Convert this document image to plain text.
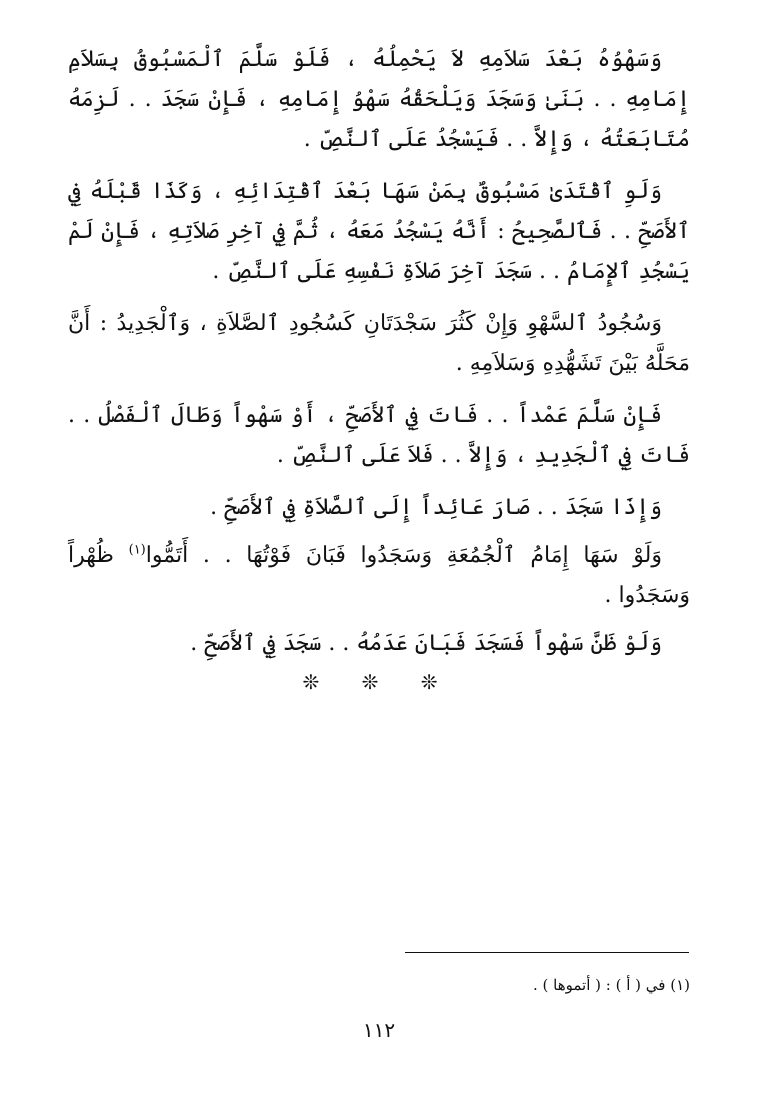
وَسَهْوُهُ بَعْدَ سَلاَمِهِ لاَ يَحْمِلُهُ ، فَلَوْ سَلَّمَ ٱلْمَسْبُوقُ بِسَلاَمِ إِمَامِهِ . . بَنَىٰ وَسَجَدَ وَيَلْحَقُهُ سَهْوُ إِمَامِهِ ، فَإِنْ سَجَدَ . . لَزِمَهُ مُتَابَعَتُهُ ، وَإِلاَّ . . فَيَسْجُدُ عَلَى ٱلنَّصِّ .

وَلَوِ ٱقْتَدَىٰ مَسْبُوقٌ بِمَنْ سَهَا بَعْدَ ٱقْتِدَائِهِ ، وَكَذَا قَبْلَهُ فِي ٱلأَصَحِّ . . فَٱلصَّحِيحُ : أَنَّهُ يَسْجُدُ مَعَهُ ، ثُمَّ فِي آخِرِ صَلاَتِهِ ، فَإِنْ لَمْ يَسْجُدِ ٱلإِمَامُ . . سَجَدَ آخِرَ صَلاَةِ نَفْسِهِ عَلَى ٱلنَّصِّ .

وَسُجُودُ ٱلسَّهْوِ وَإِنْ كَثُرَ سَجْدَتَانِ كَسُجُودِ ٱلصَّلاَةِ ، وَٱلْجَدِيدُ : أَنَّ مَحَلَّهُ بَيْنَ تَشَهُّدِهِ وَسَلاَمِهِ .

فَإِنْ سَلَّمَ عَمْداً . . فَاتَ فِي ٱلأَصَحِّ ، أَوْ سَهْواً وَطَالَ ٱلْفَصْلُ . . فَاتَ فِي ٱلْجَدِيدِ ، وَإِلاَّ . . فَلاَ عَلَى ٱلنَّصِّ .

وَإِذَا سَجَدَ . . صَارَ عَائِداً إِلَى ٱلصَّلاَةِ فِي ٱلأَصَحِّ .

وَلَوْ سَهَا إِمَامُ ٱلْجُمُعَةِ وَسَجَدُوا فَبَانَ فَوْتُهَا . . أَتَمُّوا$^{(١)}$ ظُهْراً وَسَجَدُوا .

وَلَوْ ظَنَّ سَهْواً فَسَجَدَ فَبَانَ عَدَمُهُ . . سَجَدَ فِي ٱلأَصَحِّ .

❊ ❊ ❊
(١) في ( أ ) : ( أتموها ) .
١١٢
